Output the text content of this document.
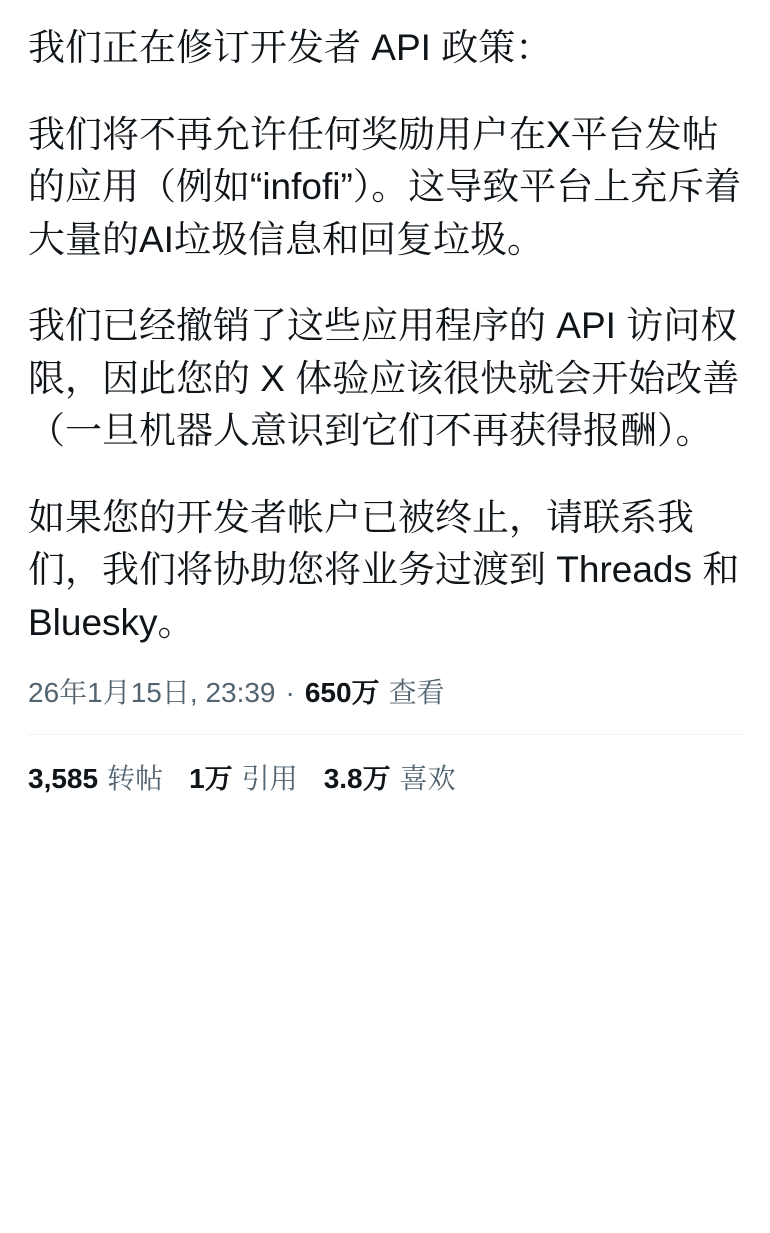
我们正在修订开发者 API 政策：

我们将不再允许任何奖励用户在X平台发帖的应用（例如“infofi”）。这导致平台上充斥着大量的AI垃圾信息和回复垃圾。

我们已经撤销了这些应用程序的 API 访问权限，因此您的 X 体验应该很快就会开始改善（一旦机器人意识到它们不再获得报酬）。

如果您的开发者帐户已被终止，请联系我们，我们将协助您将业务过渡到 Threads 和 Bluesky。

26年1月15日 , 23:39 · 650万 查看
3,585 转帖 1万 引用 3.8万 喜欢
